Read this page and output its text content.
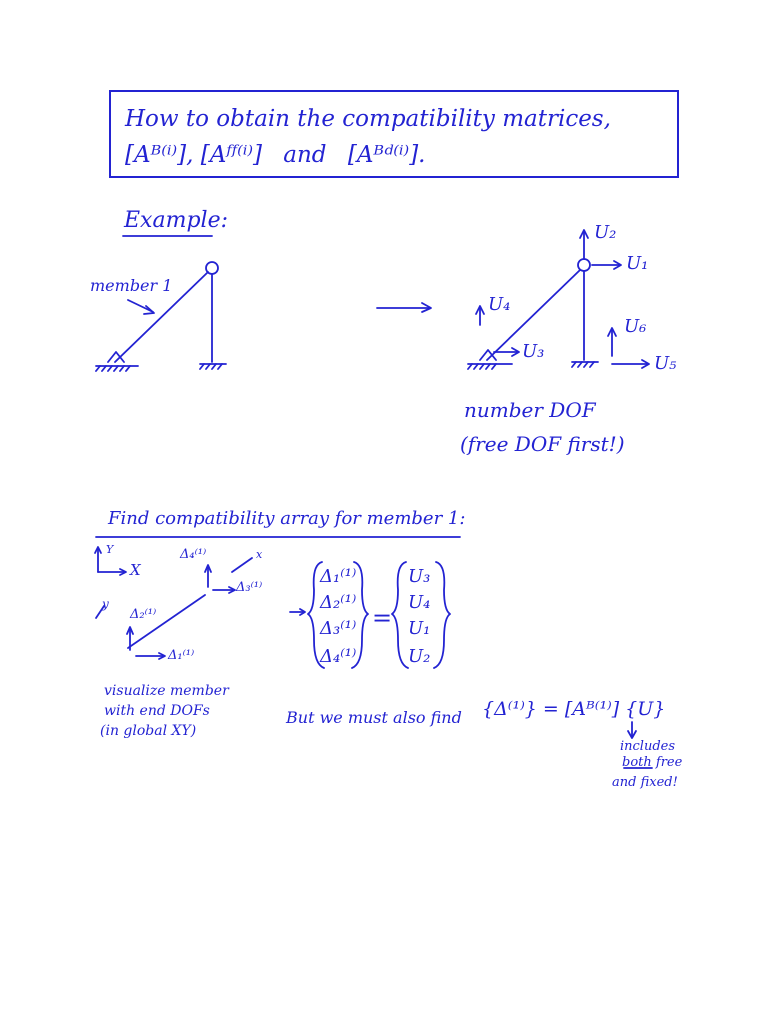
How to obtain the compatibility matrices,
[Aᴮ⁽ⁱ⁾], [Aᶠᶠ⁽ⁱ⁾] and [Aᴮᵈ⁽ⁱ⁾].
Example:
member 1
U₂
U₁
U₄
U₃
U₆
U₅
number DOF
(free DOF first!)
Find compatibility array for member 1:
Y
X
x
y
Δ₄⁽¹⁾
Δ₃⁽¹⁾
Δ₂⁽¹⁾
Δ₁⁽¹⁾
Δ₁⁽¹⁾
Δ₂⁽¹⁾
Δ₃⁽¹⁾
Δ₄⁽¹⁾
=
U₃
U₄
U₁
U₂
visualize member
with end DOFs
(in global XY)
But we must also find {Δ⁽¹⁾} = [Aᴮ⁽¹⁾] {U}
includes
both free
and fixed!
